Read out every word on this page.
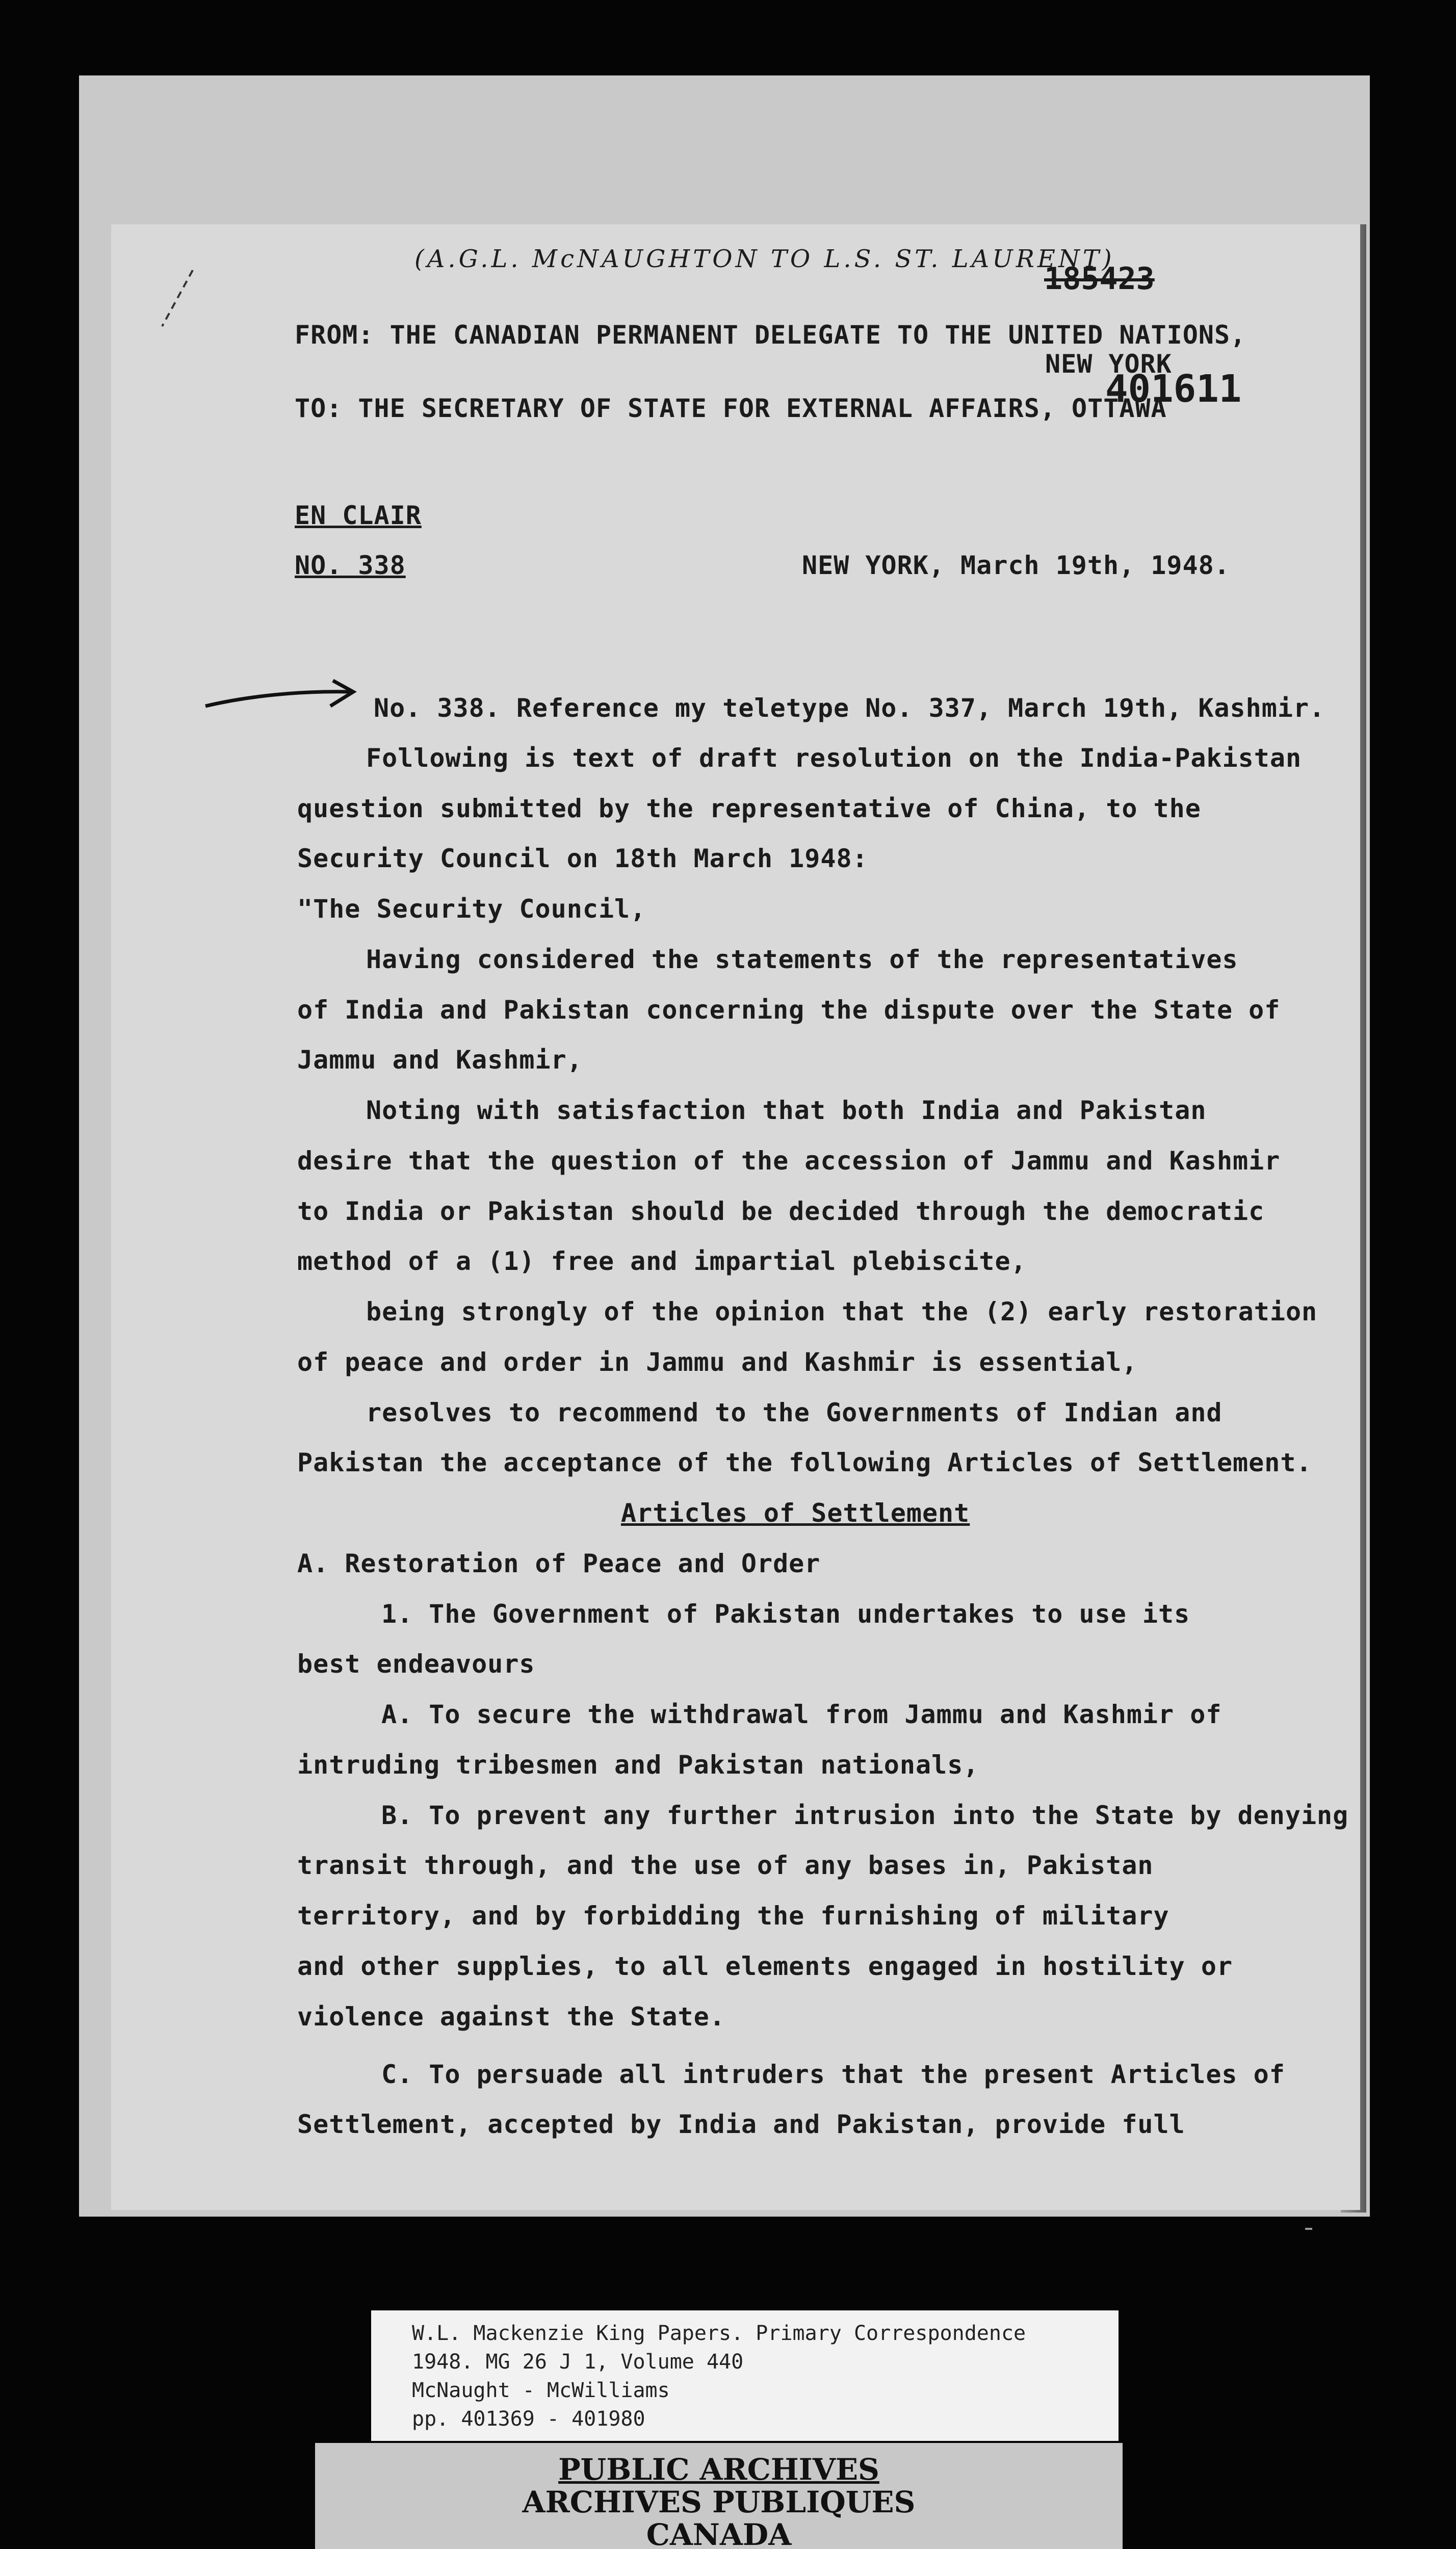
(A.G.L. McNAUGHTON TO L.S. ST. LAURENT)
185423
FROM: THE CANADIAN PERMANENT DELEGATE TO THE UNITED NATIONS,
NEW YORK
401611
TO: THE SECRETARY OF STATE FOR EXTERNAL AFFAIRS, OTTAWA
EN CLAIR
NO. 338	NEW YORK, March 19th, 1948.
No. 338. Reference my teletype No. 337, March 19th, Kashmir.
Following is text of draft resolution on the India-Pakistan
question submitted by the representative of China, to the
Security Council on 18th March 1948:
"The Security Council,
Having considered the statements of the representatives
of India and Pakistan concerning the dispute over the State of
Jammu and Kashmir,
Noting with satisfaction that both India and Pakistan
desire that the question of the accession of Jammu and Kashmir
to India or Pakistan should be decided through the democratic
method of a (1) free and impartial plebiscite,
being strongly of the opinion that the (2) early restoration
of peace and order in Jammu and Kashmir is essential,
resolves to recommend to the Governments of Indian and
Pakistan the acceptance of the following Articles of Settlement.
Articles of Settlement
A. Restoration of Peace and Order
1. The Government of Pakistan undertakes to use its
best endeavours
A. To secure the withdrawal from Jammu and Kashmir of
intruding tribesmen and Pakistan nationals,
B. To prevent any further intrusion into the State by denying
transit through, and the use of any bases in, Pakistan
territory, and by forbidding the furnishing of military
and other supplies, to all elements engaged in hostility or
violence against the State.
C. To persuade all intruders that the present Articles of
Settlement, accepted by India and Pakistan, provide full
W.L. Mackenzie King Papers. Primary Correspondence
1948. MG 26 J 1, Volume 440
McNaught - McWilliams
pp. 401369 - 401980
PUBLIC ARCHIVES
ARCHIVES PUBLIQUES
CANADA
